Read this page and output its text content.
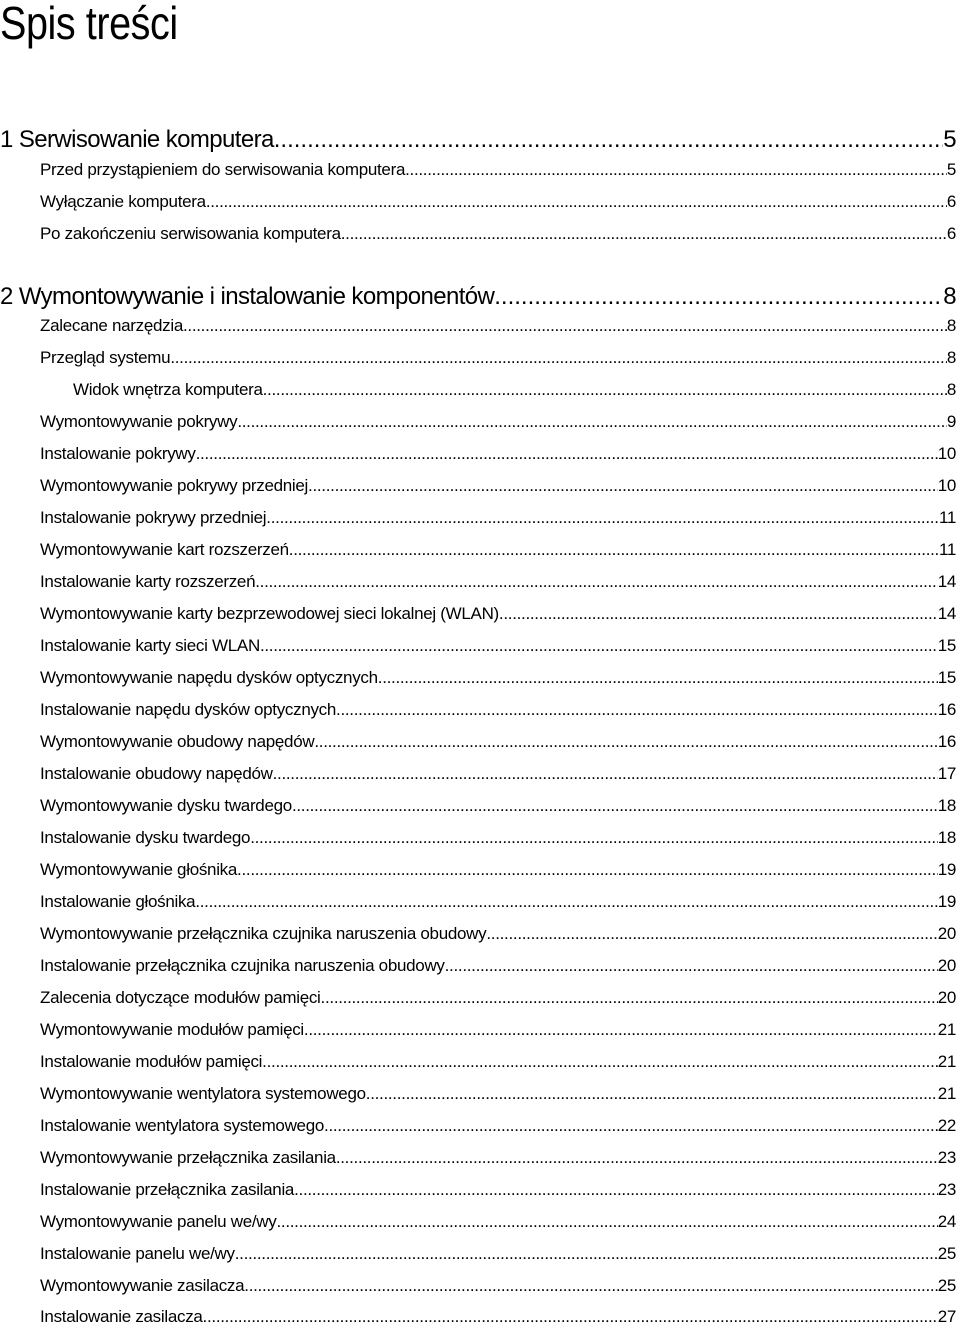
Spis treści
1 Serwisowanie komputera .....	5
Przed przystąpieniem do serwisowania komputera .....	5
Wyłączanie komputera .....	6
Po zakończeniu serwisowania komputera .....	6
2 Wymontowywanie i instalowanie komponentów .....	8
Zalecane narzędzia .....	8
Przegląd systemu .....	8
Widok wnętrza komputera .....	8
Wymontowywanie pokrywy .....	9
Instalowanie pokrywy .....	10
Wymontowywanie pokrywy przedniej .....	10
Instalowanie pokrywy przedniej .....	11
Wymontowywanie kart rozszerzeń .....	11
Instalowanie karty rozszerzeń .....	14
Wymontowywanie karty bezprzewodowej sieci lokalnej (WLAN) .....	14
Instalowanie karty sieci WLAN .....	15
Wymontowywanie napędu dysków optycznych .....	15
Instalowanie napędu dysków optycznych .....	16
Wymontowywanie obudowy napędów .....	16
Instalowanie obudowy napędów .....	17
Wymontowywanie dysku twardego .....	18
Instalowanie dysku twardego .....	18
Wymontowywanie głośnika .....	19
Instalowanie głośnika .....	19
Wymontowywanie przełącznika czujnika naruszenia obudowy .....	20
Instalowanie przełącznika czujnika naruszenia obudowy .....	20
Zalecenia dotyczące modułów pamięci .....	20
Wymontowywanie modułów pamięci .....	21
Instalowanie modułów pamięci .....	21
Wymontowywanie wentylatora systemowego .....	21
Instalowanie wentylatora systemowego .....	22
Wymontowywanie przełącznika zasilania .....	23
Instalowanie przełącznika zasilania .....	23
Wymontowywanie panelu we/wy .....	24
Instalowanie panelu we/wy .....	25
Wymontowywanie zasilacza .....	25
Instalowanie zasilacza .....	27
